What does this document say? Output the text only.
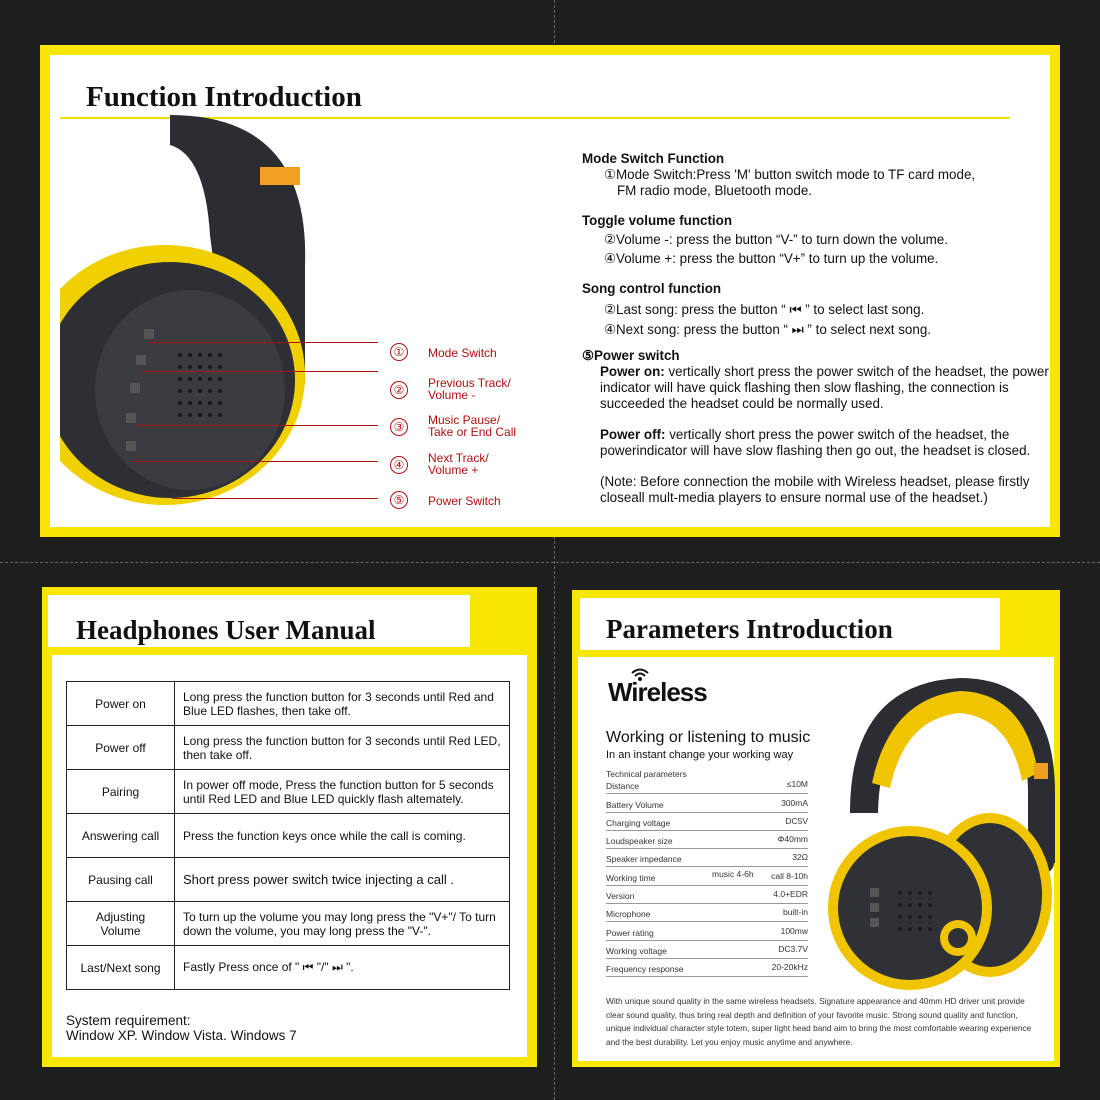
Function Introduction
①	Mode Switch
②	Previous Track/
Volume -
③	Music Pause/
Take or End Call
④	Next Track/
Volume +
⑤	Power Switch
Mode Switch Function
①Mode Switch:Press 'M' button switch mode to TF card mode,
FM radio mode, Bluetooth mode.
Toggle volume function
②Volume -: press the button “V-” to turn down the volume.
④Volume +: press the button “V+” to turn up the volume.
Song control function
②Last song: press the button “ ⏮ ” to select last song.
④Next song: press the button “ ⏭ ” to select next song.
⑤Power switch
Power on: vertically short press the power switch of the headset, the power indicator will have quick flashing then slow flashing, the connection is succeeded the headset could be normally used.
Power off: vertically short press the power switch of the headset, the powerindicator will have slow flashing then go out, the headset is closed.
(Note: Before connection the mobile with Wireless headset, please firstly closeall mult-media players to ensure normal use of the headset.)
Headphones User Manual
Power on	Long press the function button for 3 seconds until Red and Blue LED flashes, then take off.
Power off	Long press the function button for 3 seconds until Red LED, then take off.
Pairing	In power off mode, Press the function button for 5 seconds until Red LED and Blue LED quickly flash altemately.
Answering call	Press the function keys once while the call is coming.
Pausing call	Short press power switch twice injecting a call .
Adjusting Volume	To turn up the volume you may long press the "V+"/ To turn down the volume, you may long press the "V-".
Last/Next song	Fastly Press once of " ⏮ "/" ⏭ ".
System requirement:
Window XP. Window Vista. Windows 7
Parameters Introduction
Wireless
Working or listening to music
In an instant change your working way
Technical parameters
Distance	≤10M
Battery Volume	300mA
Charging voltage	DC5V
Loudspeaker size	Φ40mm
Speaker impedance	32Ω
Working time	music 4-6h call 8-10h
Version	4.0+EDR
Microphone	built-in
Power rating	100mw
Working voltage	DC3.7V
Frequency response	20-20kHz
With unique sound quality in the same wireless headsets. Signature appearance and 40mm HD driver unit provide clear sound quality, thus bring real depth and definition of your favorite music. Strong sound quality and function, unique individual character style totem, super light head band aim to bring the most comfortable wearing experience and the best durability. Let you enjoy music anytime and anywhere.
